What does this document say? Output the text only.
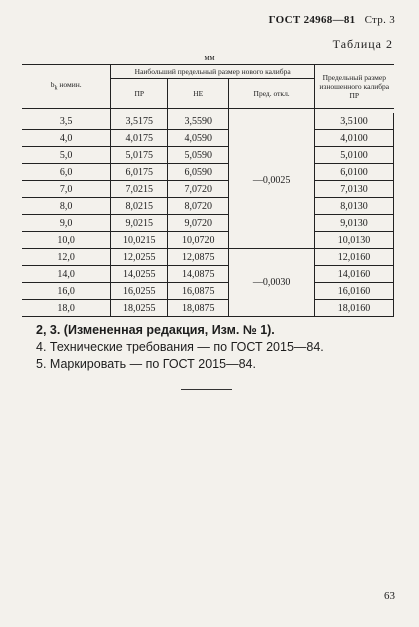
ГОСТ 24968—81 Стр. 3
Таблица 2
мм
$b_k$ номин.	Наибольший предельный размер нового калибра			Предельный размер изношенного калибра ПР
	ПР	НЕ	Пред. откл.	

3,5	3,5175	3,5590	—0,0025	3,5100
4,0	4,0175	4,0590		4,0100
5,0	5,0175	5,0590		5,0100
6,0	6,0175	6,0590		6,0100
7,0	7,0215	7,0720		7,0130
8,0	8,0215	8,0720		8,0130
9,0	9,0215	9,0720		9,0130
10,0	10,0215	10,0720		10,0130
12,0	12,0255	12,0875	—0,0030	12,0160
14,0	14,0255	14,0875		14,0160
16,0	16,0255	16,0875		16,0160
18,0	18,0255	18,0875		18,0160
2, 3. (Измененная редакция, Изм. № 1).
4. Технические требования — по ГОСТ 2015—84.
5. Маркировать — по ГОСТ 2015—84.
63
